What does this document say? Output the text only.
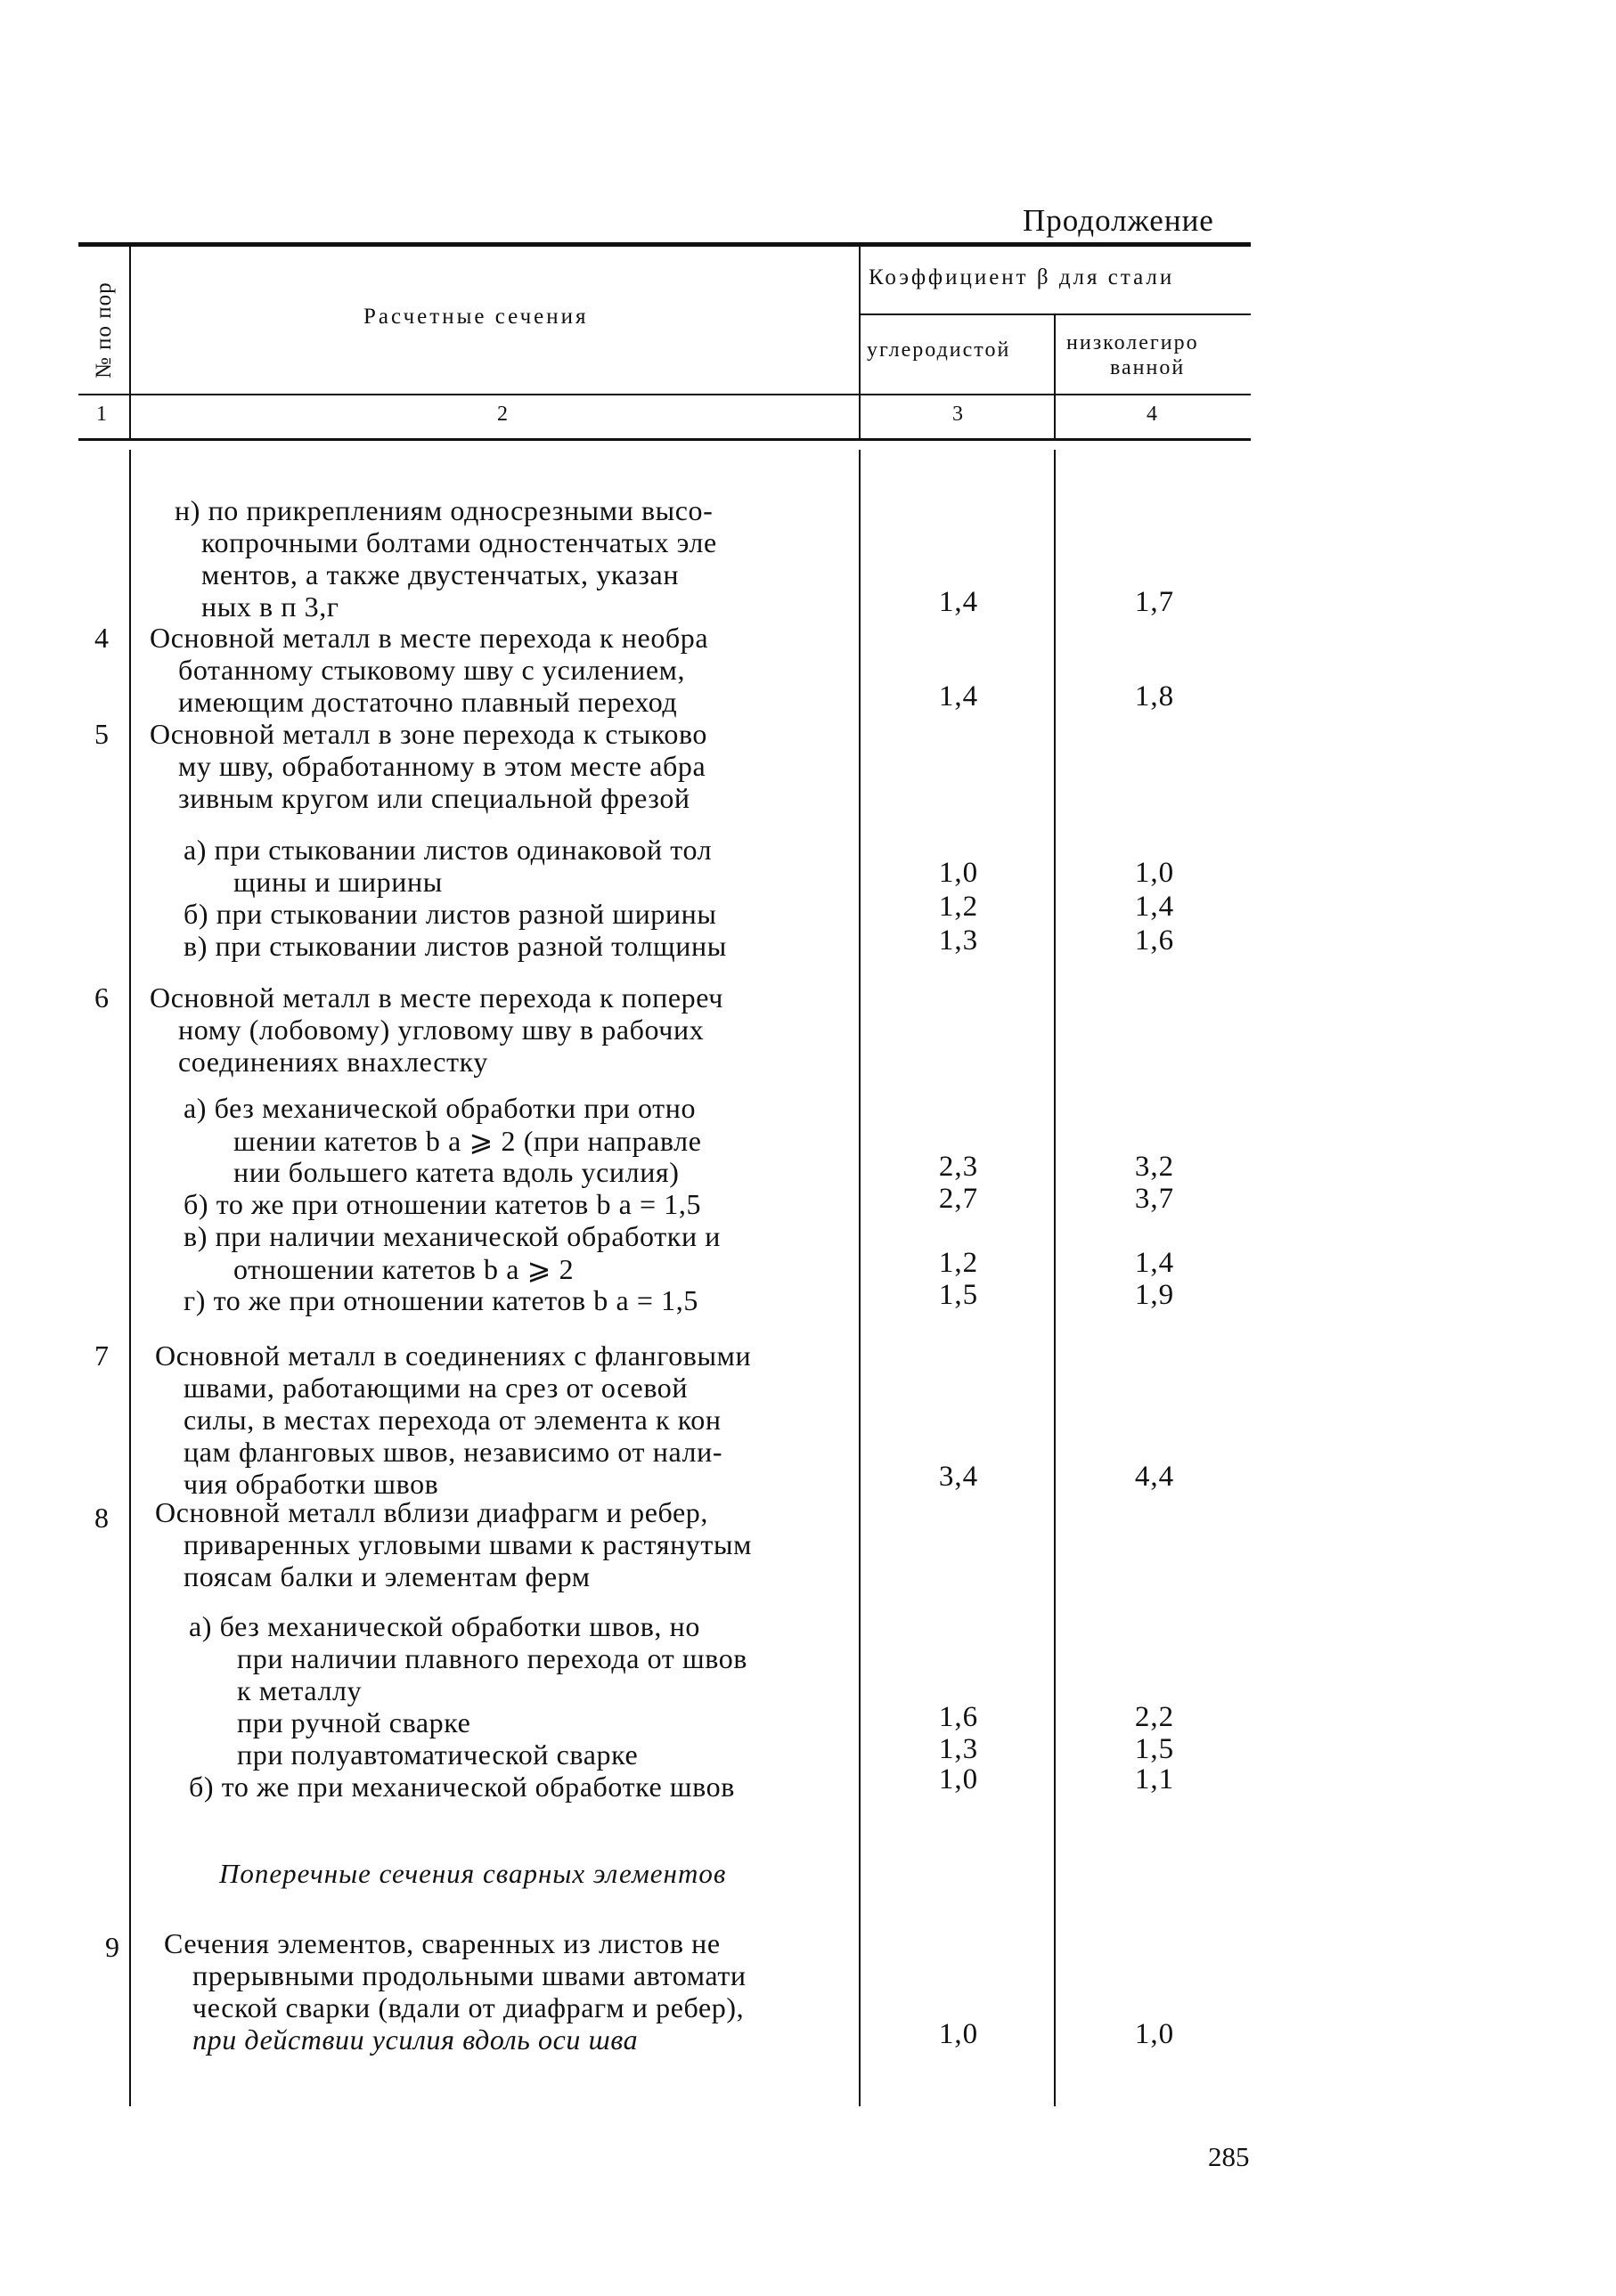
Продолжение
№ по пор	Расчетные сечения
Коэффициент β для стали
углеродистой	низколегиро
ванной
1	2	3	4
н) по прикреплениям односрезными высо-
копрочными болтами одностенчатых эле
ментов, а также двустенчатых, указан
ных в п 3,г	1,4	1,7
4 Основной металл в месте перехода к необра
ботанному стыковому шву с усилением,
имеющим достаточно плавный переход	1,4	1,8
5 Основной металл в зоне перехода к стыково
му шву, обработанному в этом месте абра
зивным кругом или специальной фрезой
а) при стыковании листов одинаковой тол
щины и ширины	1,0	1,0
б) при стыковании листов разной ширины	1,2	1,4
в) при стыковании листов разной толщины	1,3	1,6
6 Основной металл в месте перехода к попереч
ному (лобовому) угловому шву в рабочих
соединениях внахлестку
а) без механической обработки при отно
шении катетов b a ⩾ 2 (при направле
нии большего катета вдоль усилия)	2,3	3,2
б) то же при отношении катетов b a = 1,5	2,7	3,7
в) при наличии механической обработки и
отношении катетов b a ⩾ 2	1,2	1,4
г) то же при отношении катетов b a = 1,5	1,5	1,9
7 Основной металл в соединениях с фланговыми
швами, работающими на срез от осевой
силы, в местах перехода от элемента к кон
цам фланговых швов, независимо от нали-
чия обработки швов	3,4	4,4
8 Основной металл вблизи диафрагм и ребер,
приваренных угловыми швами к растянутым
поясам балки и элементам ферм
а) без механической обработки швов, но
при наличии плавного перехода от швов
к металлу
при ручной сварке	1,6	2,2
при полуавтоматической сварке	1,3	1,5
б) то же при механической обработке швов	1,0	1,1
Поперечные сечения сварных элементов
9 Сечения элементов, сваренных из листов не
прерывными продольными швами автомати
ческой сварки (вдали от диафрагм и ребер),
при действии усилия вдоль оси шва	1,0	1,0
285
